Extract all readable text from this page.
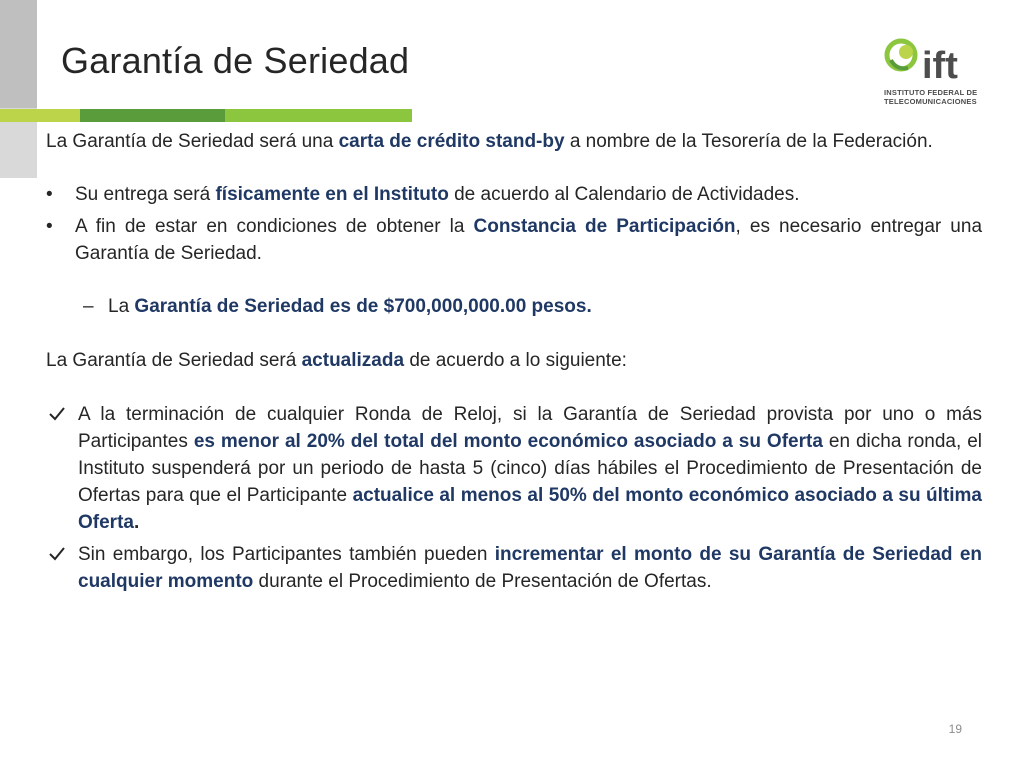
Garantía de Seriedad	ift
INSTITUTO FEDERAL DE
TELECOMUNICACIONES

La Garantía de Seriedad será una carta de crédito stand-by a nombre de la Tesorería de la Federación.

• Su entrega será físicamente en el Instituto de acuerdo al Calendario de Actividades.
• A fin de estar en condiciones de obtener la Constancia de Participación, es necesario entregar una Garantía de Seriedad.
– La Garantía de Seriedad es de $700,000,000.00 pesos.

La Garantía de Seriedad será actualizada de acuerdo a lo siguiente:

A la terminación de cualquier Ronda de Reloj, si la Garantía de Seriedad provista por uno o más Participantes es menor al 20% del total del monto económico asociado a su Oferta en dicha ronda, el Instituto suspenderá por un periodo de hasta 5 (cinco) días hábiles el Procedimiento de Presentación de Ofertas para que el Participante actualice al menos al 50% del monto económico asociado a su última Oferta.
Sin embargo, los Participantes también pueden incrementar el monto de su Garantía de Seriedad en cualquier momento durante el Procedimiento de Presentación de Ofertas.
19
